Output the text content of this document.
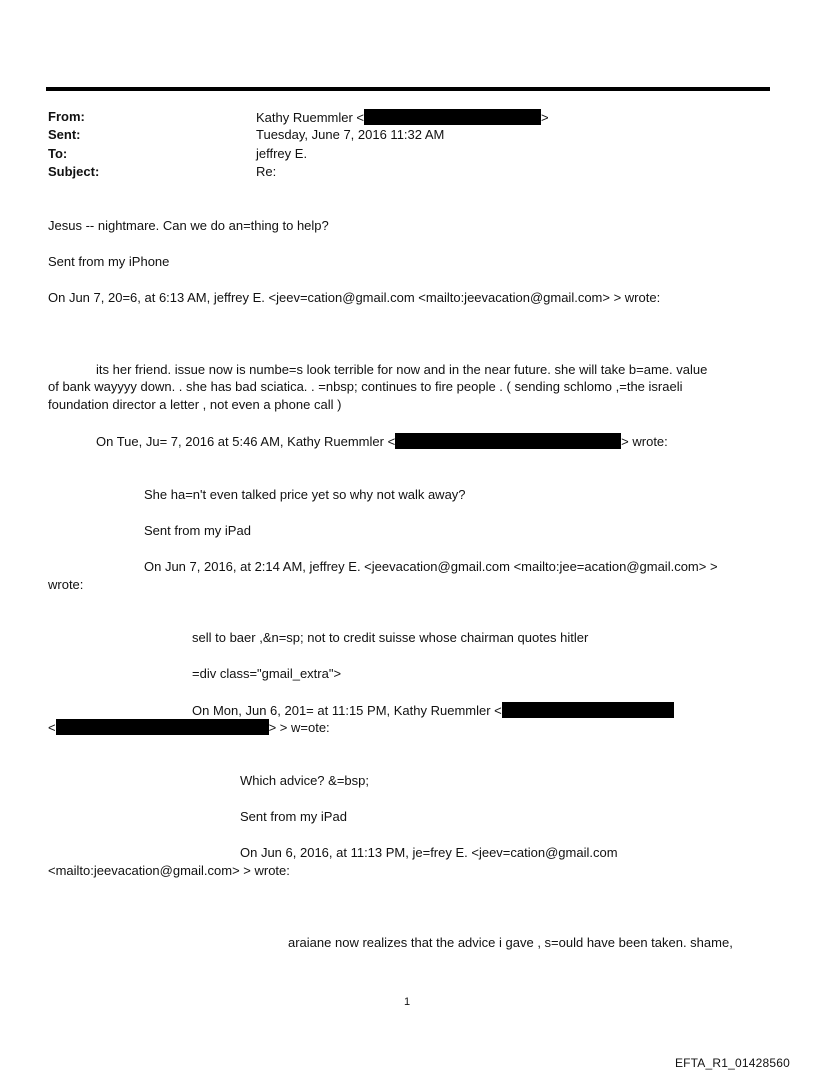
From:	Kathy Ruemmler <	>
Sent:	Tuesday, June 7, 2016 11:32 AM
To:	jeffrey E.
Subject:	Re:
Jesus -- nightmare. Can we do an=thing to help?
Sent from my iPhone
On Jun 7, 20=6, at 6:13 AM, jeffrey E. <jeev=cation@gmail.com <mailto:jeevacation@gmail.com> > wrote:
its her friend. issue now is numbe=s look terrible for now and in the near future. she will take b=ame. value
of bank wayyyy down. . she has bad sciatica. . =nbsp; continues to fire people . ( sending schlomo ,=the israeli
foundation director a letter , not even a phone call )
On Tue, Ju= 7, 2016 at 5:46 AM, Kathy Ruemmler <	> wrote:
She ha=n't even talked price yet so why not walk away?
Sent from my iPad
On Jun 7, 2016, at 2:14 AM, jeffrey E. <jeevacation@gmail.com <mailto:jee=acation@gmail.com> >
wrote:
sell to baer ,&n=sp; not to credit suisse whose chairman quotes hitler
=div class="gmail_extra">
On Mon, Jun 6, 201= at 11:15 PM, Kathy Ruemmler <
<	> > w=ote:
Which advice? &=bsp;
Sent from my iPad
On Jun 6, 2016, at 11:13 PM, je=frey E. <jeev=cation@gmail.com
<mailto:jeevacation@gmail.com> > wrote:
araiane now realizes that the advice i gave , s=ould have been taken. shame,
1
EFTA_R1_01428560
